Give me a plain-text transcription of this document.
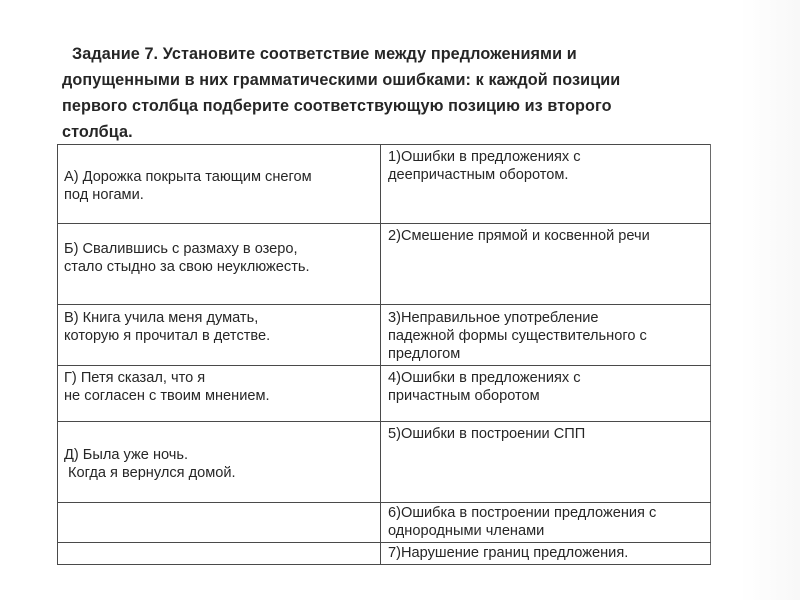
Задание 7. Установите соответствие между предложениями и
допущенными в них грамматическими ошибками: к каждой позиции
первого столбца подберите соответствующую позицию из второго
столбца.
А) Дорожка покрыта тающим снегом
под ногами.	1)Ошибки в предложениях с
деепричастным оборотом.

Б) Свалившись с размаху в озеро,
стало стыдно за свою неуклюжесть.	2)Смешение прямой и косвенной речи

В) Книга учила меня думать,
которую я прочитал в детстве.	3)Неправильное употребление
падежной формы существительного с
предлогом

Г) Петя сказал, что я
не согласен с твоим мнением.	4)Ошибки в предложениях с
причастным оборотом

Д) Была уже ночь.
Когда я вернулся домой.	5)Ошибки в построении СПП

	6)Ошибка в построении предложения с
однородными членами

	7)Нарушение границ предложения.
